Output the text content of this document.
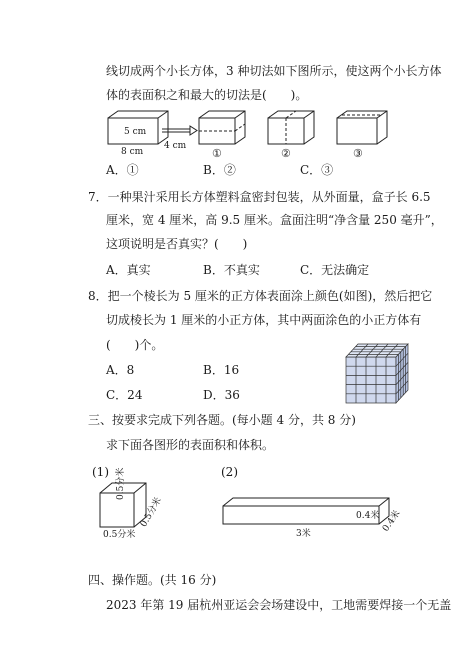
线切成两个小长方体，3 种切法如下图所示，使这两个小长方体
体的表面积之和最大的切法是(　　)。
5 cm
8 cm
4 cm
①	②	③
A．①	B．②	C．③
7．一种果汁采用长方体塑料盒密封包装，从外面量，盒子长 6.5
厘米，宽 4 厘米，高 9.5 厘米。盒面注明“净含量 250 毫升”，
这项说明是否真实？(　　)
A．真实	B．不真实	C．无法确定
8．把一个棱长为 5 厘米的正方体表面涂上颜色(如图)，然后把它
切成棱长为 1 厘米的小正方体，其中两面涂色的小正方体有
(　　)个。
A．8	B．16
C．24	D．36
三、按要求完成下列各题。(每小题 4 分，共 8 分)
求下面各图形的表面积和体积。
(1)	(2)
0.5分米
0.5分米
0.5分米
3米
0.4米 0.4米
四、操作题。(共 16 分)
2023 年第 19 届杭州亚运会会场建设中，工地需要焊接一个无盖
